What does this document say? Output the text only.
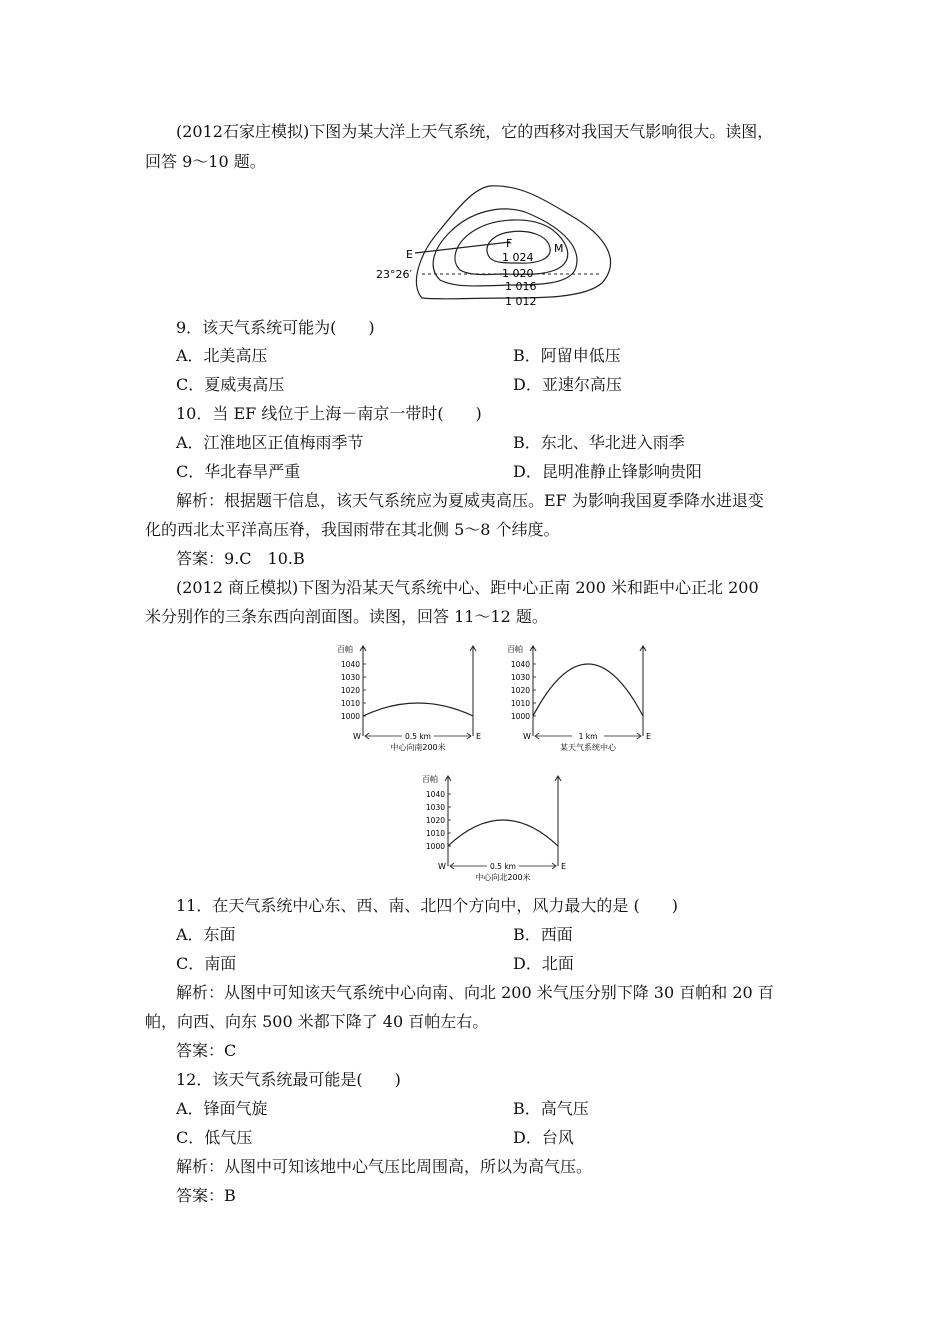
(2012石家庄模拟)下图为某大洋上天气系统，它的西移对我国天气影响很大。读图，
回答 9～10 题。
E
F	M
23°26′
1 024
1 020
1 016
1 012
9．该天气系统可能为(　　)
A．北美高压	B．阿留申低压
C．夏威夷高压	D．亚速尔高压
10．当 EF 线位于上海－南京一带时(　　)
A．江淮地区正值梅雨季节	B．东北、华北进入雨季
C．华北春旱严重	D．昆明准静止锋影响贵阳
解析：根据题干信息，该天气系统应为夏威夷高压。EF 为影响我国夏季降水进退变
化的西北太平洋高压脊，我国雨带在其北侧 5～8 个纬度。
答案：9.C　10.B
(2012 商丘模拟)下图为沿某天气系统中心、距中心正南 200 米和距中心正北 200
米分别作的三条东西向剖面图。读图，回答 11～12 题。
百帕
1040
1030
1020
1010
1000
W	E
0.5 km
中心向南200米
百帕
1040
1030
1020
1010
1000
W	E
1 km
某天气系统中心
百帕
1040
1030
1020
1010
1000
W	E
0.5 km
中心向北200米
11．在天气系统中心东、西、南、北四个方向中，风力最大的是 (　　)
A．东面	B．西面
C．南面	D．北面
解析：从图中可知该天气系统中心向南、向北 200 米气压分别下降 30 百帕和 20 百
帕，向西、向东 500 米都下降了 40 百帕左右。
答案：C
12．该天气系统最可能是(　　)
A．锋面气旋	B．高气压
C．低气压	D．台风
解析：从图中可知该地中心气压比周围高，所以为高气压。
答案：B
